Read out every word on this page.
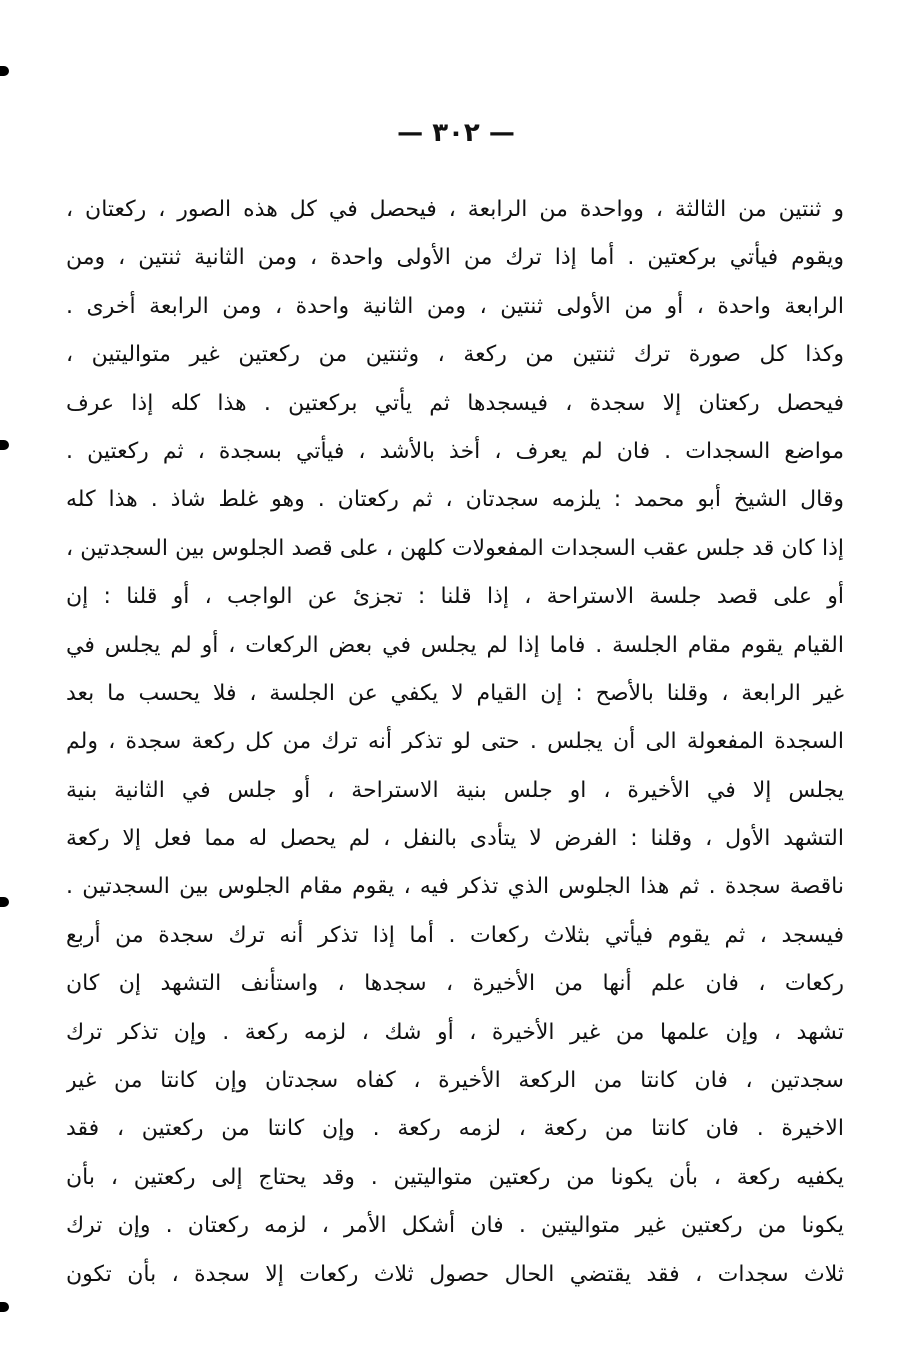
— ٣٠٢ —
و ثنتين من الثالثة ، وواحدة من الرابعة ، فيحصل في كل هذه الصور ، ركعتان ،
ويقوم فيأتي بركعتين . أما إذا ترك من الأولى واحدة ، ومن الثانية ثنتين ، ومن
الرابعة واحدة ، أو من الأولى ثنتين ، ومن الثانية واحدة ، ومن الرابعة أخرى .
وكذا كل صورة ترك ثنتين من ركعة ، وثنتين من ركعتين غير متواليتين ،
فيحصل ركعتان إلا سجدة ، فيسجدها ثم يأتي بركعتين . هذا كله إذا عرف
مواضع السجدات . فان لم يعرف ، أخذ بالأشد ، فيأتي بسجدة ، ثم ركعتين .
وقال الشيخ أبو محمد : يلزمه سجدتان ، ثم ركعتان . وهو غلط شاذ . هذا كله
إذا كان قد جلس عقب السجدات المفعولات كلهن ، على قصد الجلوس بين السجدتين ،
أو على قصد جلسة الاستراحة ، إذا قلنا : تجزئ عن الواجب ، أو قلنا : إن
القيام يقوم مقام الجلسة . فاما إذا لم يجلس في بعض الركعات ، أو لم يجلس في
غير الرابعة ، وقلنا بالأصح : إن القيام لا يكفي عن الجلسة ، فلا يحسب ما بعد
السجدة المفعولة الى أن يجلس . حتى لو تذكر أنه ترك من كل ركعة سجدة ، ولم
يجلس إلا في الأخيرة ، او جلس بنية الاستراحة ، أو جلس في الثانية بنية
التشهد الأول ، وقلنا : الفرض لا يتأدى بالنفل ، لم يحصل له مما فعل إلا ركعة
ناقصة سجدة . ثم هذا الجلوس الذي تذكر فيه ، يقوم مقام الجلوس بين السجدتين .
فيسجد ، ثم يقوم فيأتي بثلاث ركعات . أما إذا تذكر أنه ترك سجدة من أربع
ركعات ، فان علم أنها من الأخيرة ، سجدها ، واستأنف التشهد إن كان
تشهد ، وإن علمها من غير الأخيرة ، أو شك ، لزمه ركعة . وإن تذكر ترك
سجدتين ، فان كانتا من الركعة الأخيرة ، كفاه سجدتان وإن كانتا من غير
الاخيرة . فان كانتا من ركعة ، لزمه ركعة . وإن كانتا من ركعتين ، فقد
يكفيه ركعة ، بأن يكونا من ركعتين متواليتين . وقد يحتاج إلى ركعتين ، بأن
يكونا من ركعتين غير متواليتين . فان أشكل الأمر ، لزمه ركعتان . وإن ترك
ثلاث سجدات ، فقد يقتضي الحال حصول ثلاث ركعات إلا سجدة ، بأن تكون
